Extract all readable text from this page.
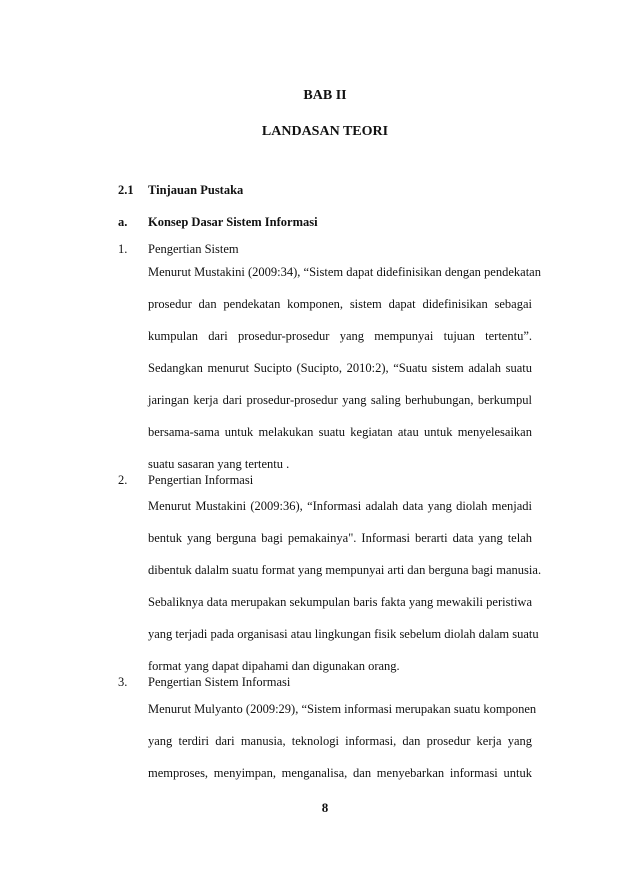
BAB II
LANDASAN TEORI

2.1 Tinjauan Pustaka

a. Konsep Dasar Sistem Informasi

1. Pengertian Sistem

Menurut Mustakini (2009:34), “Sistem dapat didefinisikan dengan pendekatan
prosedur dan pendekatan komponen, sistem dapat didefinisikan sebagai
kumpulan dari prosedur-prosedur yang mempunyai tujuan tertentu”.
Sedangkan menurut Sucipto (Sucipto, 2010:2), “Suatu sistem adalah suatu
jaringan kerja dari prosedur-prosedur yang saling berhubungan, berkumpul
bersama-sama untuk melakukan suatu kegiatan atau untuk menyelesaikan
suatu sasaran yang tertentu .

2. Pengertian Informasi

Menurut Mustakini (2009:36), “Informasi adalah data yang diolah menjadi
bentuk yang berguna bagi pemakainya". Informasi berarti data yang telah
dibentuk dalalm suatu format yang mempunyai arti dan berguna bagi manusia.
Sebaliknya data merupakan sekumpulan baris fakta yang mewakili peristiwa
yang terjadi pada organisasi atau lingkungan fisik sebelum diolah dalam suatu
format yang dapat dipahami dan digunakan orang.

3. Pengertian Sistem Informasi

Menurut Mulyanto (2009:29), “Sistem informasi merupakan suatu komponen
yang terdiri dari manusia, teknologi informasi, dan prosedur kerja yang
memproses, menyimpan, menganalisa, dan menyebarkan informasi untuk

8
